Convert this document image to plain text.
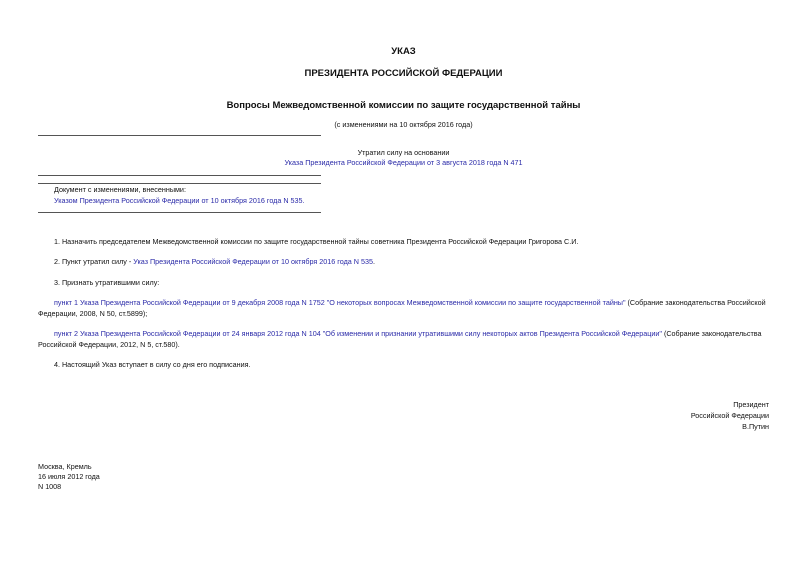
УКАЗ
ПРЕЗИДЕНТА РОССИЙСКОЙ ФЕДЕРАЦИИ
Вопросы Межведомственной комиссии по защите государственной тайны
(с изменениями на 10 октября 2016 года)
Утратил силу на основании
Указа Президента Российской Федерации от 3 августа 2018 года N 471
Документ с изменениями, внесенными:
Указом Президента Российской Федерации от 10 октября 2016 года N 535.
1. Назначить председателем Межведомственной комиссии по защите государственной тайны советника Президента Российской Федерации Григорова С.И.
2. Пункт утратил силу - Указ Президента Российской Федерации от 10 октября 2016 года N 535.
3. Признать утратившими силу:
пункт 1 Указа Президента Российской Федерации от 9 декабря 2008 года N 1752 "О некоторых вопросах Межведомственной комиссии по защите государственной тайны" (Собрание законодательства Российской Федерации, 2008, N 50, ст.5899);
пункт 2 Указа Президента Российской Федерации от 24 января 2012 года N 104 "Об изменении и признании утратившими силу некоторых актов Президента Российской Федерации" (Собрание законодательства Российской Федерации, 2012, N 5, ст.580).
4. Настоящий Указ вступает в силу со дня его подписания.
Президент
Российской Федерации
В.Путин
Москва, Кремль
16 июля 2012 года
N 1008
